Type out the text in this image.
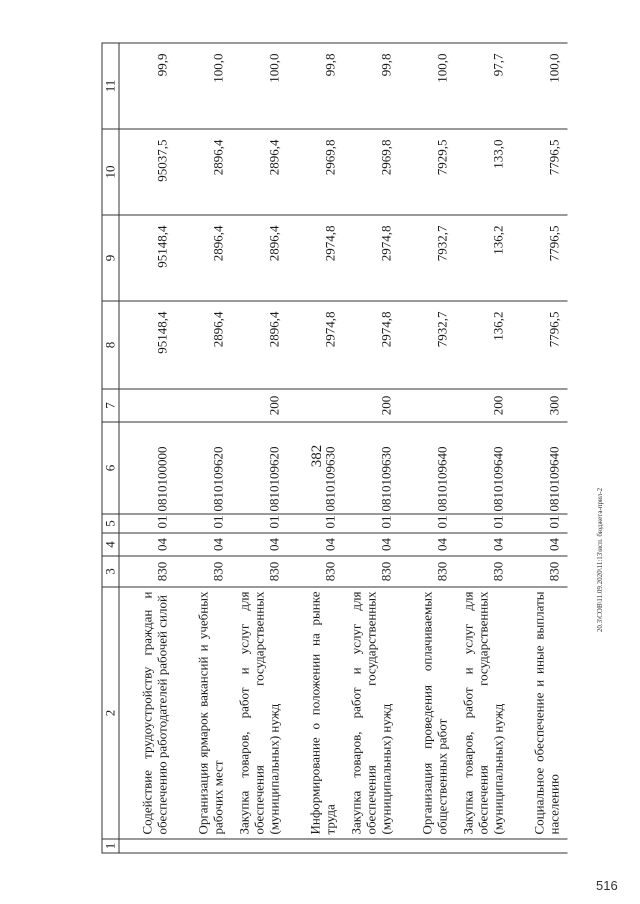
382
1	2	3	4	5	6	7	8	9	10	11
	Содействие трудоустройству граждан и обеспечению работодателей рабочей силой	830	04	01	0810100000		95148,4	95148,4	95037,5	99,9
	Организация ярмарок вакансий и учебных рабочих мест	830	04	01	0810109620		2896,4	2896,4	2896,4	100,0
	Закупка товаров, работ и услуг для обеспечения государственных (муниципальных) нужд	830	04	01	0810109620	200	2896,4	2896,4	2896,4	100,0
	Информирование о положении на рынке труда	830	04	01	0810109630		2974,8	2974,8	2969,8	99,8
	Закупка товаров, работ и услуг для обеспечения государственных (муниципальных) нужд	830	04	01	0810109630	200	2974,8	2974,8	2969,8	99,8
	Организация проведения оплачиваемых общественных работ	830	04	01	0810109640		7932,7	7932,7	7929,5	100,0
	Закупка товаров, работ и услуг для обеспечения государственных (муниципальных) нужд	830	04	01	0810109640	200	136,2	136,2	133,0	97,7
	Социальное обеспечение и иные выплаты населению	830	04	01	0810109640	300	7796,5	7796,5	7796,5	100,0
20.3\СОВ\11.09.2020\11:13\исп. бюджета-прил-2
516
